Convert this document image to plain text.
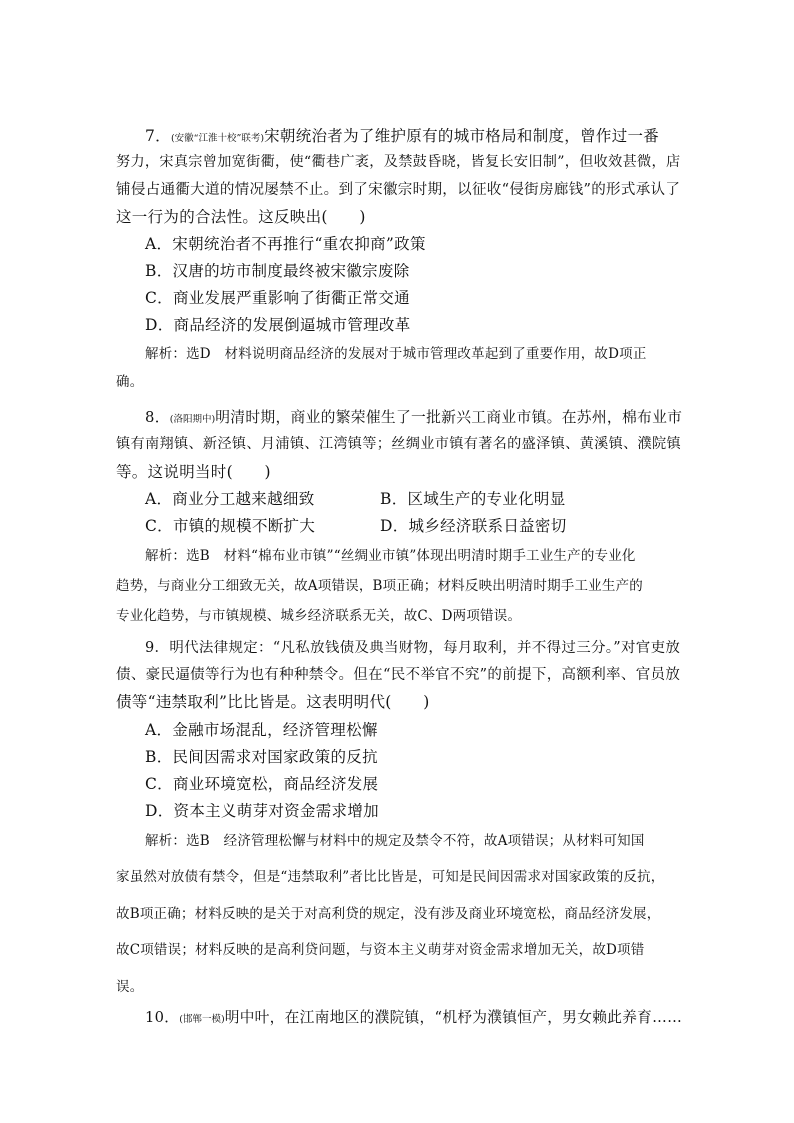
7．(安徽“江淮十校”联考)宋朝统治者为了维护原有的城市格局和制度，曾作过一番
努力，宋真宗曾加宽街衢，使“衢巷广袤，及禁鼓昏晓，皆复长安旧制”，但收效甚微，店
铺侵占通衢大道的情况屡禁不止。到了宋徽宗时期，以征收“侵街房廊钱”的形式承认了
这一行为的合法性。这反映出(　　)
A．宋朝统治者不再推行“重农抑商”政策
B．汉唐的坊市制度最终被宋徽宗废除
C．商业发展严重影响了街衢正常交通
D．商品经济的发展倒逼城市管理改革
解析：选D　材料说明商品经济的发展对于城市管理改革起到了重要作用，故D项正
确。
8．(洛阳期中)明清时期，商业的繁荣催生了一批新兴工商业市镇。在苏州，棉布业市
镇有南翔镇、新泾镇、月浦镇、江湾镇等；丝绸业市镇有著名的盛泽镇、黄溪镇、濮院镇
等。这说明当时(　　)
A．商业分工越来越细致	B．区域生产的专业化明显
C．市镇的规模不断扩大	D．城乡经济联系日益密切
解析：选B　材料“棉布业市镇”“丝绸业市镇”体现出明清时期手工业生产的专业化
趋势，与商业分工细致无关，故A项错误，B项正确；材料反映出明清时期手工业生产的
专业化趋势，与市镇规模、城乡经济联系无关，故C、D两项错误。
9．明代法律规定：“凡私放钱债及典当财物，每月取利，并不得过三分。”对官吏放
债、豪民逼债等行为也有种种禁令。但在“民不举官不究”的前提下，高额利率、官员放
债等“违禁取利”比比皆是。这表明明代(　　)
A．金融市场混乱，经济管理松懈
B．民间因需求对国家政策的反抗
C．商业环境宽松，商品经济发展
D．资本主义萌芽对资金需求增加
解析：选B　经济管理松懈与材料中的规定及禁令不符，故A项错误；从材料可知国
家虽然对放债有禁令，但是“违禁取利”者比比皆是，可知是民间因需求对国家政策的反抗，
故B项正确；材料反映的是关于对高利贷的规定，没有涉及商业环境宽松，商品经济发展，
故C项错误；材料反映的是高利贷问题，与资本主义萌芽对资金需求增加无关，故D项错
误。
10．(邯郸一模)明中叶，在江南地区的濮院镇，“机杼为濮镇恒产，男女赖此养育……
